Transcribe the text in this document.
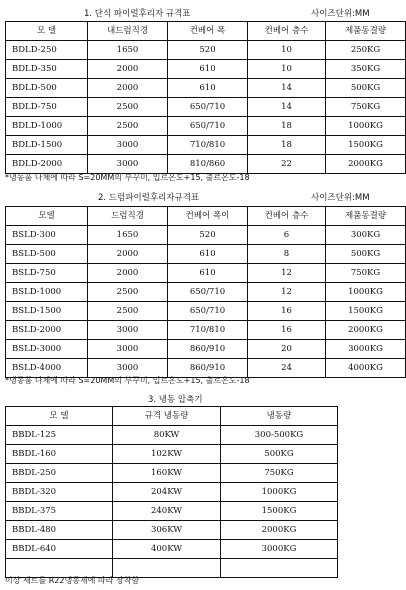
1. 단식 파이럴후리자 규격표	사이즈단위:MM
모 델	내드럼직경	컨베어 폭	컨베어 층수	제품동결량
BDLD-250	1650	520	10	250KG
BDLD-350	2000	610	10	350KG
BDLD-500	2000	610	14	500KG
BDLD-750	2500	650/710	14	750KG
BDLD-1000	2500	650/710	18	1000KG
BDLD-1500	3000	710/810	18	1500KG
BDLD-2000	3000	810/860	22	2000KG
*냉동품 나체에 따라 S=20MM의 부꾸미, 입르온도+15, 출르온도-18
2. 드럼파이럴후리자규격표	사이즈단위:MM
모델	드럼직경	컨베어 폭이	컨베어 층수	제품동결량
BSLD-300	1650	520	6	300KG
BSLD-500	2000	610	8	500KG
BSLD-750	2000	610	12	750KG
BSLD-1000	2500	650/710	12	1000KG
BSLD-1500	2500	650/710	16	1500KG
BSLD-2000	3000	710/810	16	2000KG
BSLD-3000	3000	860/910	20	3000KG
BSLD-4000	3000	860/910	24	4000KG
*냉동품 나체에 따라 S=20MM의 부꾸미, 입르온도+15, 출르온도-18
3. 냉동 압축기
모 델	규격 냉동량	냉동량
BBDL-125	80KW	300-500KG
BBDL-160	102KW	500KG
BBDL-250	160KW	750KG
BBDL-320	204KW	1000KG
BBDL-375	240KW	1500KG
BBDL-480	306KW	2000KG
BBDL-640	400KW	3000KG

이상 세트를 R22냉동제에 따라 장착함
